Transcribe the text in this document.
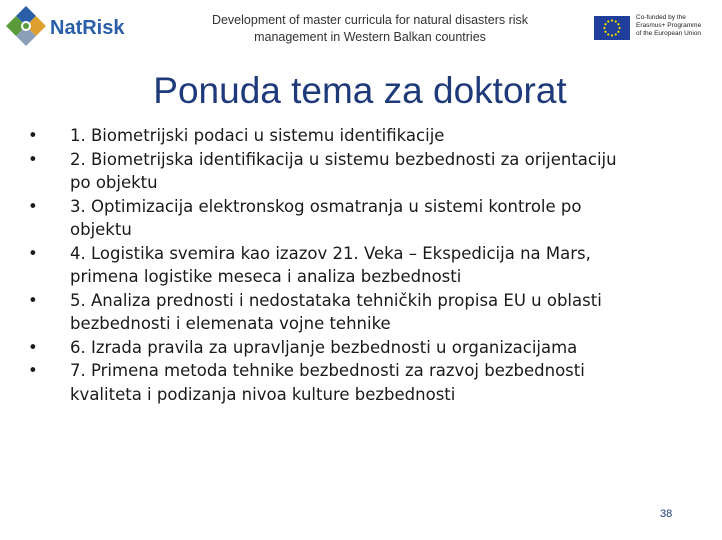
NatRisk	Development of master curricula for natural disasters risk
management in Western Balkan countries
Co-funded by the
Erasmus+ Programme
of the European Union
Ponuda tema za doktorat
• 1. Biometrijski podaci u sistemu identifikacije
• 2. Biometrijska identifikacija u sistemu bezbednosti za orijentaciju
po objektu
• 3. Optimizacija elektronskog osmatranja u sistemi kontrole po
objektu
• 4. Logistika svemira kao izazov 21. Veka – Ekspedicija na Mars,
primena logistike meseca i analiza bezbednosti
• 5. Analiza prednosti i nedostataka tehničkih propisa EU u oblasti
bezbednosti i elemenata vojne tehnike
• 6. Izrada pravila za upravljanje bezbednosti u organizacijama
• 7. Primena metoda tehnike bezbednosti za razvoj bezbednosti
kvaliteta i podizanja nivoa kulture bezbednosti
38
